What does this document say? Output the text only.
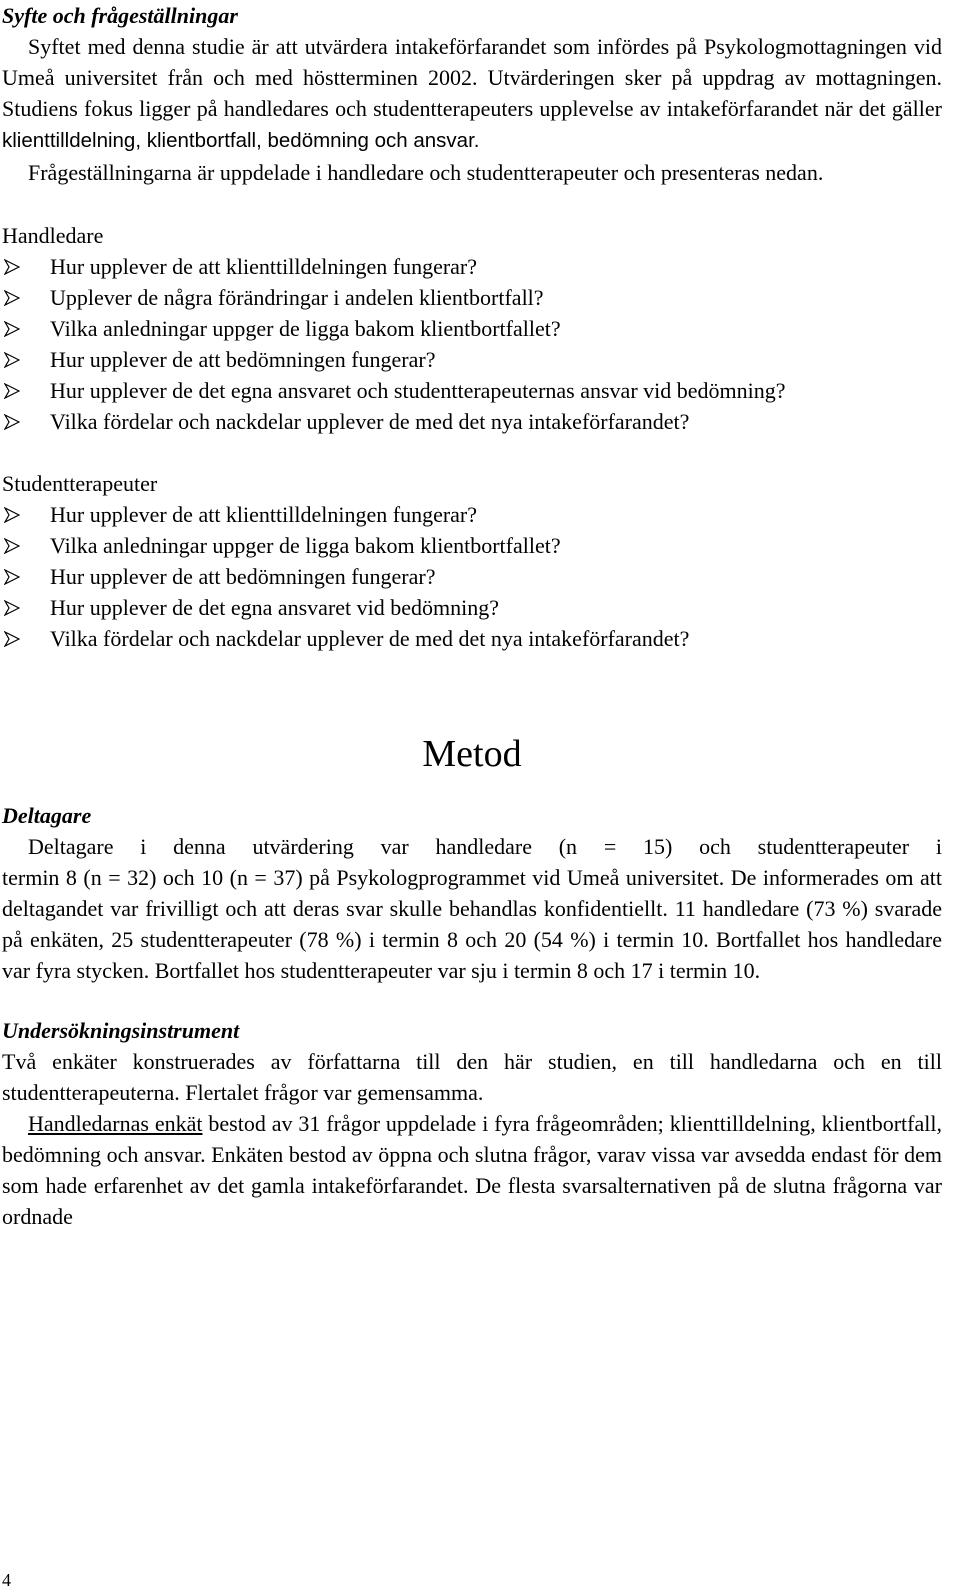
Syfte och frågeställningar

Syftet med denna studie är att utvärdera intakeförfarandet som infördes på Psykologmottagningen vid Umeå universitet från och med höstterminen 2002. Utvärderingen sker på uppdrag av mottagningen. Studiens fokus ligger på handledares och studentterapeuters upplevelse av intakeförfarandet när det gäller klienttilldelning, klientbortfall, bedömning och ansvar.

Frågeställningarna är uppdelade i handledare och studentterapeuter och presenteras nedan.

Handledare
Hur upplever de att klienttilldelningen fungerar?
Upplever de några förändringar i andelen klientbortfall?
Vilka anledningar uppger de ligga bakom klientbortfallet?
Hur upplever de att bedömningen fungerar?
Hur upplever de det egna ansvaret och studentterapeuternas ansvar vid bedömning?
Vilka fördelar och nackdelar upplever de med det nya intakeförfarandet?
Studentterapeuter
Hur upplever de att klienttilldelningen fungerar?
Vilka anledningar uppger de ligga bakom klientbortfallet?
Hur upplever de att bedömningen fungerar?
Hur upplever de det egna ansvaret vid bedömning?
Vilka fördelar och nackdelar upplever de med det nya intakeförfarandet?
Metod
Deltagare

Deltagare i denna utvärdering var handledare (n = 15) och studentterapeuter i

termin 8 (n = 32) och 10 (n = 37) på Psykologprogrammet vid Umeå universitet. De informerades om att deltagandet var frivilligt och att deras svar skulle behandlas konfidentiellt. 11 handledare (73 %) svarade på enkäten, 25 studentterapeuter (78 %) i termin 8 och 20 (54 %) i termin 10. Bortfallet hos handledare var fyra stycken. Bortfallet hos studentterapeuter var sju i termin 8 och 17 i termin 10.

Undersökningsinstrument

Två enkäter konstruerades av författarna till den här studien, en till handledarna och en till studentterapeuterna. Flertalet frågor var gemensamma.

Handledarnas enkät bestod av 31 frågor uppdelade i fyra frågeområden; klienttilldelning, klientbortfall, bedömning och ansvar. Enkäten bestod av öppna och slutna frågor, varav vissa var avsedda endast för dem som hade erfarenhet av det gamla intakeförfarandet. De flesta svarsalternativen på de slutna frågorna var ordnade

4
